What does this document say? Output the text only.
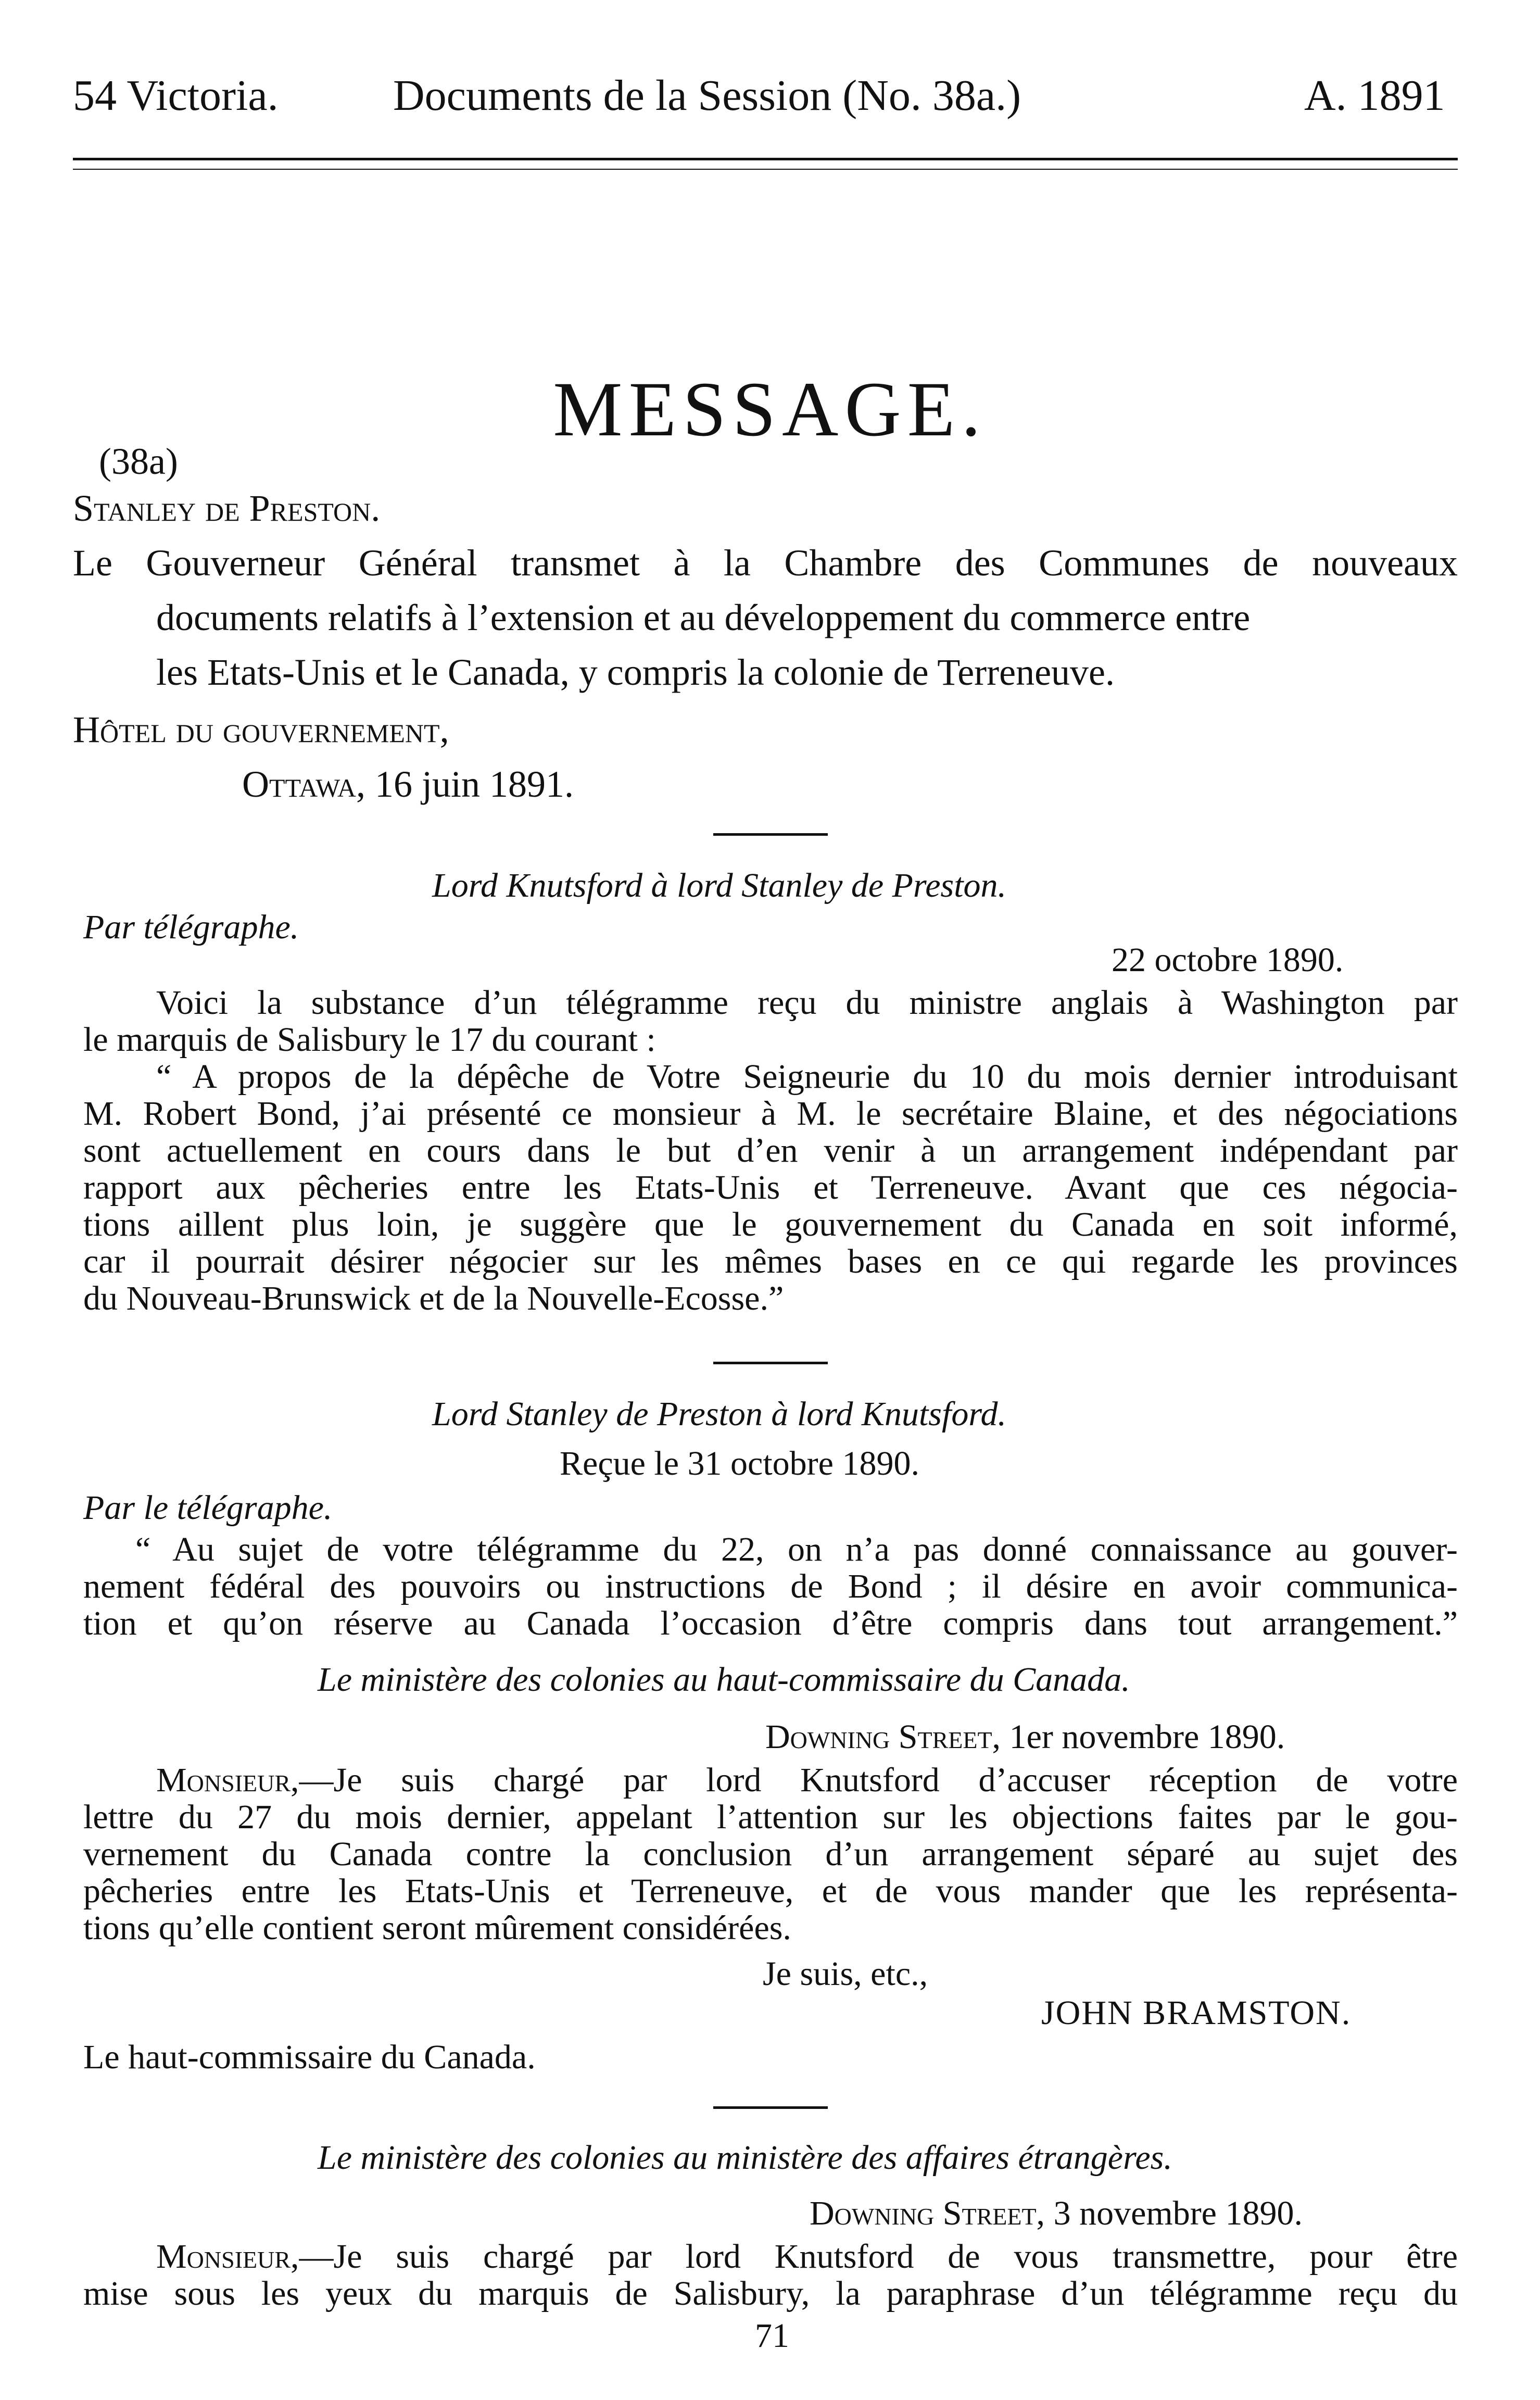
54 Victoria.	Documents de la Session (No. 38a.)	A. 1891
MESSAGE.
(38a)
Stanley de Preston.
Le Gouverneur Général transmet à la Chambre des Communes de nouveaux
documents relatifs à l’extension et au développement du commerce entre
les Etats-Unis et le Canada, y compris la colonie de Terreneuve.
Hôtel du gouvernement,
Ottawa, 16 juin 1891.
Lord Knutsford à lord Stanley de Preston.
Par télégraphe.
22 octobre 1890.
Voici la substance d’un télégramme reçu du ministre anglais à Washington par
le marquis de Salisbury le 17 du courant :
“ A propos de la dépêche de Votre Seigneurie du 10 du mois dernier introduisant
M. Robert Bond, j’ai présenté ce monsieur à M. le secrétaire Blaine, et des négociations
sont actuellement en cours dans le but d’en venir à un arrangement indépendant par
rapport aux pêcheries entre les Etats-Unis et Terreneuve. Avant que ces négocia-
tions aillent plus loin, je suggère que le gouvernement du Canada en soit informé,
car il pourrait désirer négocier sur les mêmes bases en ce qui regarde les provinces
du Nouveau-Brunswick et de la Nouvelle-Ecosse.”
Lord Stanley de Preston à lord Knutsford.
Reçue le 31 octobre 1890.
Par le télégraphe.
“ Au sujet de votre télégramme du 22, on n’a pas donné connaissance au gouver-
nement fédéral des pouvoirs ou instructions de Bond ; il désire en avoir communica-
tion et qu’on réserve au Canada l’occasion d’être compris dans tout arrangement.”
Le ministère des colonies au haut-commissaire du Canada.
Downing Street, 1er novembre 1890.
Monsieur,—Je suis chargé par lord Knutsford d’accuser réception de votre
lettre du 27 du mois dernier, appelant l’attention sur les objections faites par le gou-
vernement du Canada contre la conclusion d’un arrangement séparé au sujet des
pêcheries entre les Etats-Unis et Terreneuve, et de vous mander que les représenta-
tions qu’elle contient seront mûrement considérées.
Je suis, etc.,
JOHN BRAMSTON.
Le haut-commissaire du Canada.
Le ministère des colonies au ministère des affaires étrangères.
Downing Street, 3 novembre 1890.
Monsieur,—Je suis chargé par lord Knutsford de vous transmettre, pour être
mise sous les yeux du marquis de Salisbury, la paraphrase d’un télégramme reçu du
71
